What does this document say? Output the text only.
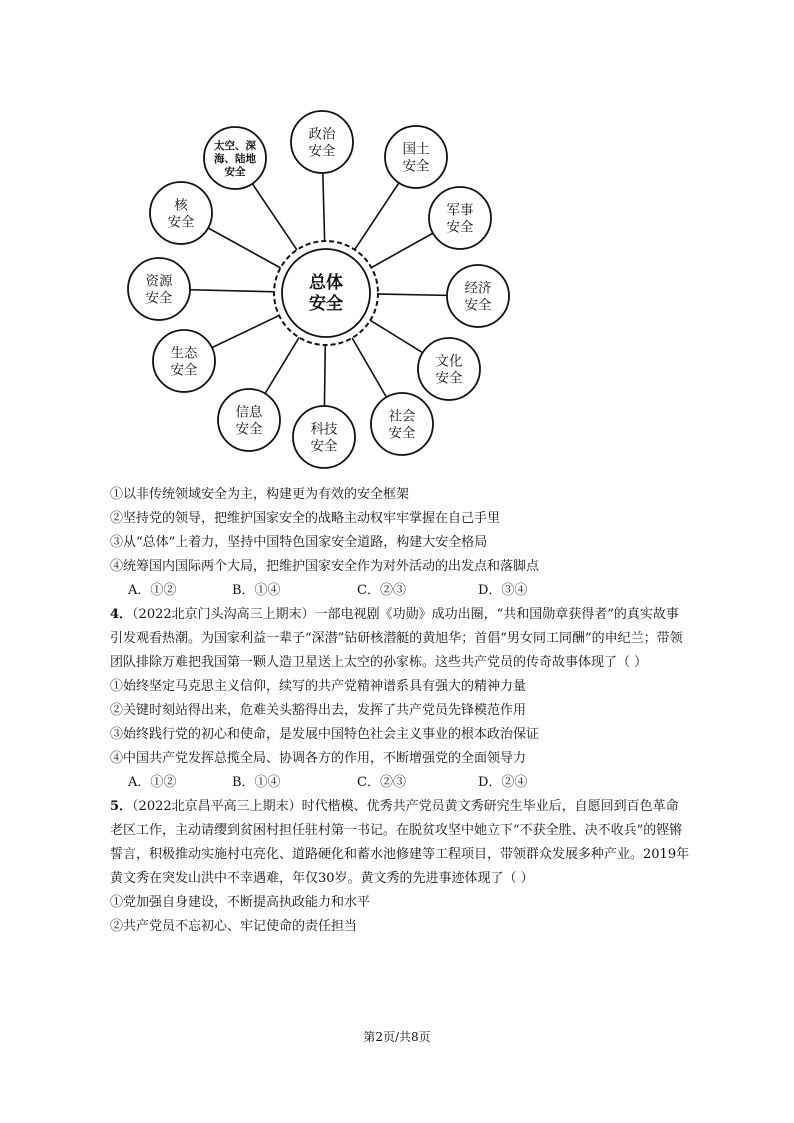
总体
安全
政治
安全	国土
安全
军事
安全
经济
安全
文化
安全
社会
安全
科技
安全
信息
安全
生态
安全
资源
安全
核
安全
太空、深
海、陆地
安全
①以非传统领域安全为主，构建更为有效的安全框架
②坚持党的领导，把维护国家安全的战略主动权牢牢掌握在自己手里
③从“总体”上着力，坚持中国特色国家安全道路，构建大安全格局
④统筹国内国际两个大局，把维护国家安全作为对外活动的出发点和落脚点
A．①②	B．①④	C．②③	D．③④
4．（2022北京门头沟高三上期末）一部电视剧《功勋》成功出圈，“共和国勋章获得者”的真实故事引发观看热潮。为国家利益一辈子“深潜”钻研核潜艇的黄旭华；首倡“男女同工同酬”的申纪兰；带领团队排除万难把我国第一颗人造卫星送上太空的孙家栋。这些共产党员的传奇故事体现了（ ）
①始终坚定马克思主义信仰，续写的共产党精神谱系具有强大的精神力量
②关键时刻站得出来，危难关头豁得出去，发挥了共产党员先锋模范作用
③始终践行党的初心和使命，是发展中国特色社会主义事业的根本政治保证
④中国共产党发挥总揽全局、协调各方的作用，不断增强党的全面领导力
A．①②	B．①④	C．②③	D．②④
5．（2022北京昌平高三上期末）时代楷模、优秀共产党员黄文秀研究生毕业后，自愿回到百色革命老区工作，主动请缨到贫困村担任驻村第一书记。在脱贫攻坚中她立下“不获全胜、决不收兵”的铿锵誓言，积极推动实施村屯亮化、道路硬化和蓄水池修建等工程项目，带领群众发展多种产业。2019年黄文秀在突发山洪中不幸遇难，年仅30岁。黄文秀的先进事迹体现了（ ）
①党加强自身建设，不断提高执政能力和水平
②共产党员不忘初心、牢记使命的责任担当
第2页/共8页
